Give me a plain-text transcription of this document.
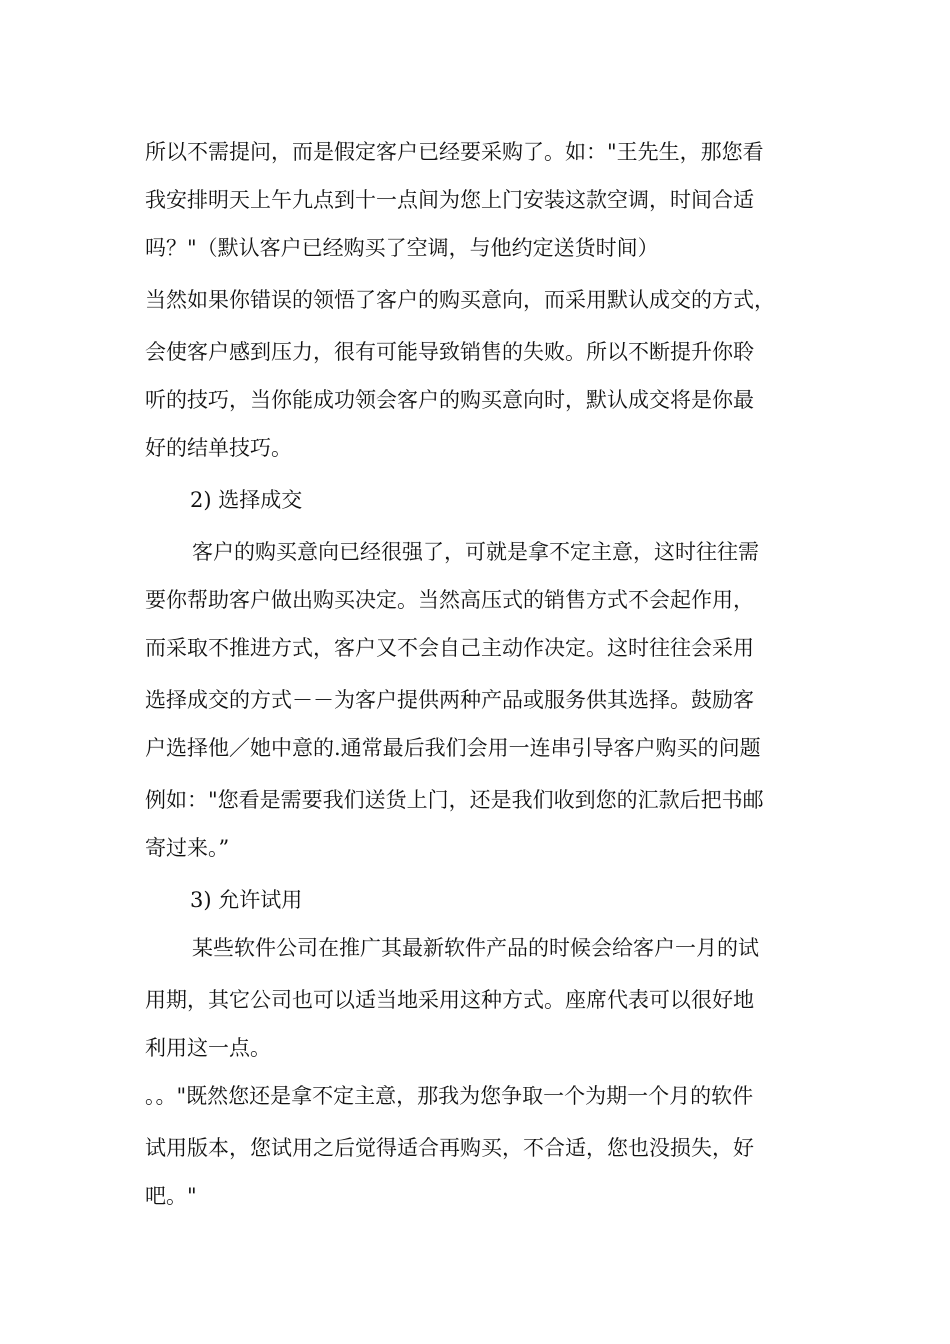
所以不需提问，而是假定客户已经要采购了。如："王先生，那您看
我安排明天上午九点到十一点间为您上门安装这款空调，时间合适
吗？"（默认客户已经购买了空调，与他约定送货时间）
当然如果你错误的领悟了客户的购买意向，而采用默认成交的方式，
会使客户感到压力，很有可能导致销售的失败。所以不断提升你聆
听的技巧，当你能成功领会客户的购买意向时，默认成交将是你最
好的结单技巧。
2) 选择成交
客户的购买意向已经很强了，可就是拿不定主意，这时往往需
要你帮助客户做出购买决定。当然高压式的销售方式不会起作用，
而采取不推进方式，客户又不会自己主动作决定。这时往往会采用
选择成交的方式－－为客户提供两种产品或服务供其选择。鼓励客
户选择他／她中意的.通常最后我们会用一连串引导客户购买的问题
例如："您看是需要我们送货上门，还是我们收到您的汇款后把书邮
寄过来。”
3) 允许试用
某些软件公司在推广其最新软件产品的时候会给客户一月的试
用期，其它公司也可以适当地采用这种方式。座席代表可以很好地
利用这一点。
。。"既然您还是拿不定主意，那我为您争取一个为期一个月的软件
试用版本，您试用之后觉得适合再购买，不合适，您也没损失，好
吧。"
